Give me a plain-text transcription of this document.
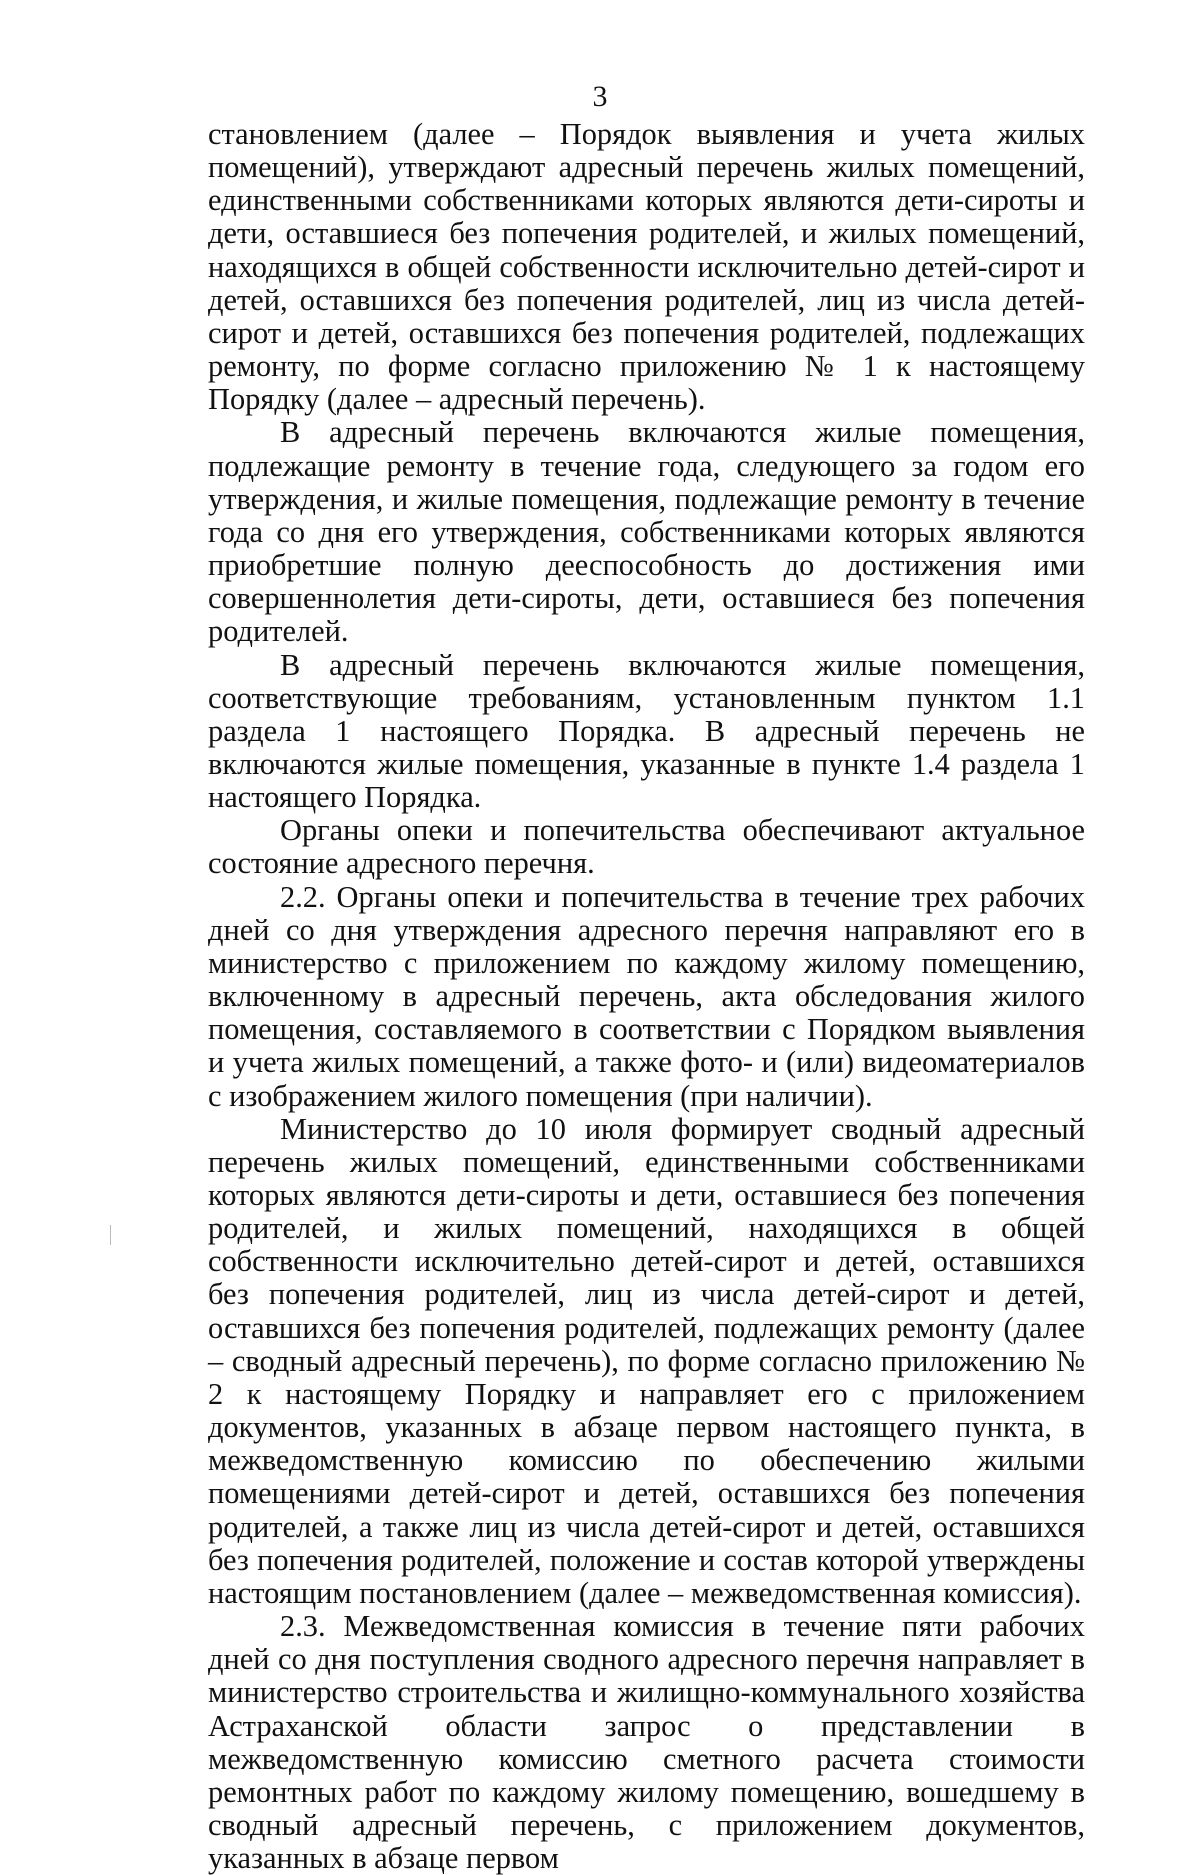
3

становлением (далее – Порядок выявления и учета жилых помещений), утверждают адресный перечень жилых помещений, единственными собственниками которых являются дети-сироты и дети, оставшиеся без попечения родителей, и жилых помещений, находящихся в общей собственности исключительно детей-сирот и детей, оставшихся без попечения родителей, лиц из числа детей-сирот и детей, оставшихся без попечения родителей, подлежащих ремонту, по форме согласно приложению № 1 к настоящему Порядку (далее – адресный перечень).

В адресный перечень включаются жилые помещения, подлежащие ремонту в течение года, следующего за годом его утверждения, и жилые помещения, подлежащие ремонту в течение года со дня его утверждения, собственниками которых являются приобретшие полную дееспособность до достижения ими совершеннолетия дети-сироты, дети, оставшиеся без попечения родителей.

В адресный перечень включаются жилые помещения, соответствующие требованиям, установленным пунктом 1.1 раздела 1 настоящего Порядка. В адресный перечень не включаются жилые помещения, указанные в пункте 1.4 раздела 1 настоящего Порядка.

Органы опеки и попечительства обеспечивают актуальное состояние адресного перечня.

2.2. Органы опеки и попечительства в течение трех рабочих дней со дня утверждения адресного перечня направляют его в министерство с приложением по каждому жилому помещению, включенному в адресный перечень, акта обследования жилого помещения, составляемого в соответствии с Порядком выявления и учета жилых помещений, а также фото- и (или) видеоматериалов с изображением жилого помещения (при наличии).

Министерство до 10 июля формирует сводный адресный перечень жилых помещений, единственными собственниками которых являются дети-сироты и дети, оставшиеся без попечения родителей, и жилых помещений, находящихся в общей собственности исключительно детей-сирот и детей, оставшихся без попечения родителей, лиц из числа детей-сирот и детей, оставшихся без попечения родителей, подлежащих ремонту (далее – сводный адресный перечень), по форме согласно приложению № 2 к настоящему Порядку и направляет его с приложением документов, указанных в абзаце первом настоящего пункта, в межведомственную комиссию по обеспечению жилыми помещениями детей-сирот и детей, оставшихся без попечения родителей, а также лиц из числа детей-сирот и детей, оставшихся без попечения родителей, положение и состав которой утверждены настоящим постановлением (далее – межведомственная комиссия).

2.3. Межведомственная комиссия в течение пяти рабочих дней со дня поступления сводного адресного перечня направляет в министерство строительства и жилищно-коммунального хозяйства Астраханской области запрос о представлении в межведомственную комиссию сметного расчета стоимости ремонтных работ по каждому жилому помещению, вошедшему в сводный адресный перечень, с приложением документов, указанных в абзаце первом
